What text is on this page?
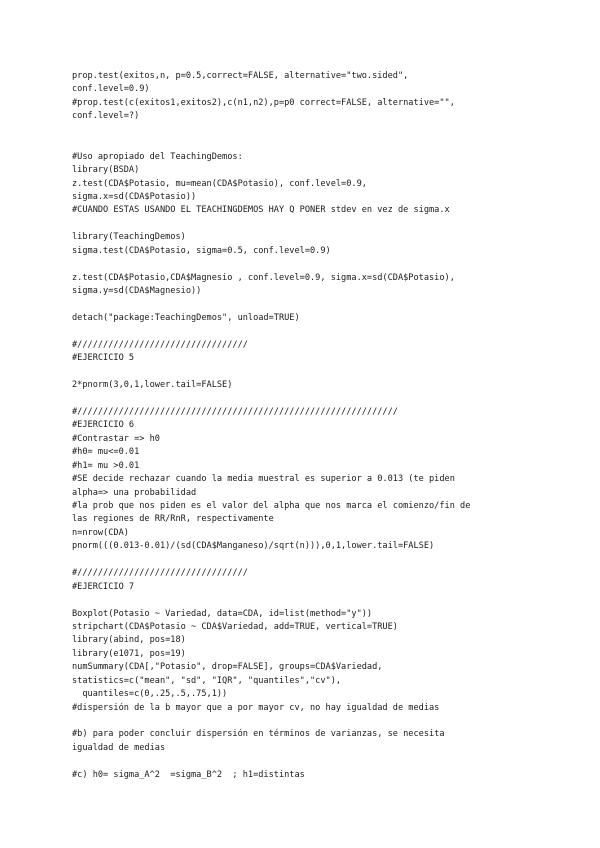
prop.test(exitos,n, p=0.5,correct=FALSE, alternative="two.sided",
conf.level=0.9)
#prop.test(c(exitos1,exitos2),c(n1,n2),p=p0 correct=FALSE, alternative="",
conf.level=?)
#Uso apropiado del TeachingDemos:
library(BSDA)
z.test(CDA$Potasio, mu=mean(CDA$Potasio), conf.level=0.9,
sigma.x=sd(CDA$Potasio))
#CUANDO ESTAS USANDO EL TEACHINGDEMOS HAY Q PONER stdev en vez de sigma.x
library(TeachingDemos)
sigma.test(CDA$Potasio, sigma=0.5, conf.level=0.9)
z.test(CDA$Potasio,CDA$Magnesio , conf.level=0.9, sigma.x=sd(CDA$Potasio),
sigma.y=sd(CDA$Magnesio))
detach("package:TeachingDemos", unload=TRUE)
#/////////////////////////////////
#EJERCICIO 5
2*pnorm(3,0,1,lower.tail=FALSE)
#//////////////////////////////////////////////////////////////
#EJERCICIO 6
#Contrastar => h0
#h0= mu<=0.01
#h1= mu >0.01
#SE decide rechazar cuando la media muestral es superior a 0.013 (te piden
alpha=> una probabilidad
#la prob que nos piden es el valor del alpha que nos marca el comienzo/fin de
las regiones de RR/RnR, respectivamente
n=nrow(CDA)
pnorm(((0.013-0.01)/(sd(CDA$Manganeso)/sqrt(n))),0,1,lower.tail=FALSE)
#/////////////////////////////////
#EJERCICIO 7
Boxplot(Potasio ~ Variedad, data=CDA, id=list(method="y"))
stripchart(CDA$Potasio ~ CDA$Variedad, add=TRUE, vertical=TRUE)
library(abind, pos=18)
library(e1071, pos=19)
numSummary(CDA[,"Potasio", drop=FALSE], groups=CDA$Variedad,
statistics=c("mean", "sd", "IQR", "quantiles","cv"),
quantiles=c(0,.25,.5,.75,1))
#dispersión de la b mayor que a por mayor cv, no hay igualdad de medias
#b) para poder concluir dispersión en términos de varianzas, se necesita
igualdad de medias
#c) h0= sigma_A^2  =sigma_B^2  ; h1=distintas
